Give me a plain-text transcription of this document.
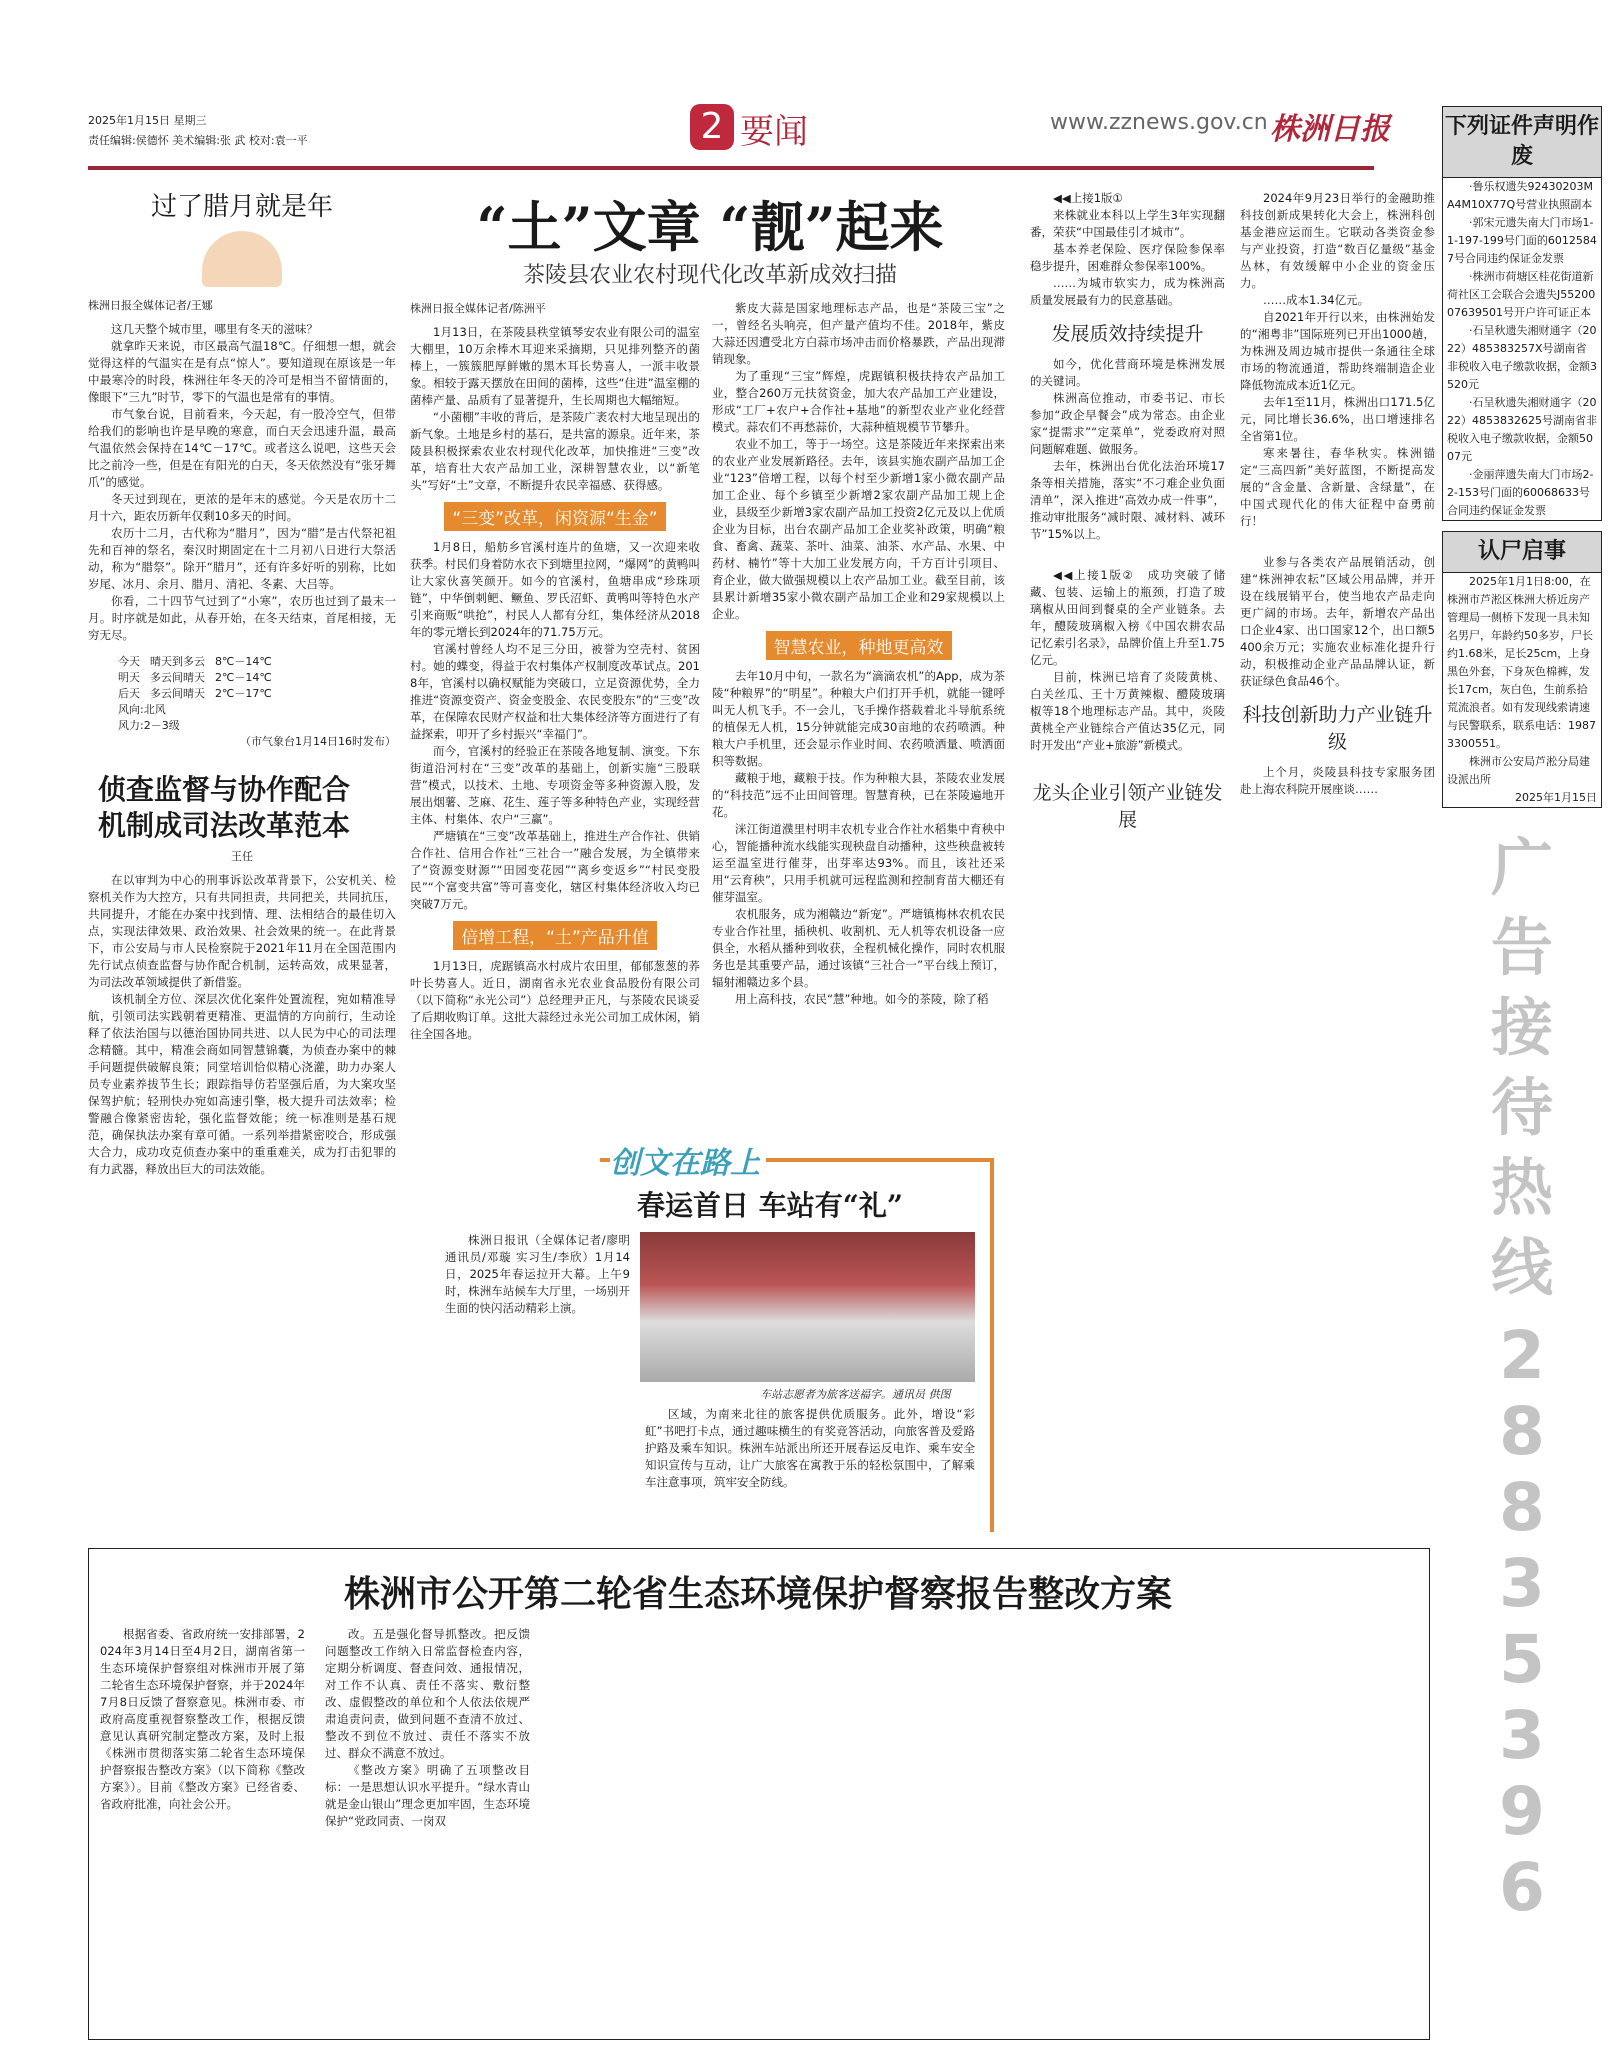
2025年1月15日 星期三
责任编辑:侯德怀 美术编辑:张 武 校对:袁一平	2 要闻	www.zznews.gov.cn 株洲日报
过了腊月就是年
株洲日报全媒体记者/王娜

这几天整个城市里，哪里有冬天的滋味？

就拿昨天来说，市区最高气温18℃。仔细想一想，就会觉得这样的气温实在是有点“惊人”。要知道现在原该是一年中最寒冷的时段，株洲往年冬天的冷可是相当不留情面的，像眼下“三九”时节，零下的气温也是常有的事情。

市气象台说，目前看来，今天起，有一股冷空气，但带给我们的影响也许是早晚的寒意，而白天会迅速升温，最高气温依然会保持在14℃－17℃。或者这么说吧，这些天会比之前冷一些，但是在有阳光的白天，冬天依然没有“张牙舞爪”的感觉。

冬天过到现在，更浓的是年末的感觉。今天是农历十二月十六，距农历新年仅剩10多天的时间。

农历十二月，古代称为“腊月”，因为“腊”是古代祭祀祖先和百神的祭名，秦汉时期固定在十二月初八日进行大祭活动，称为“腊祭”。除开“腊月”，还有许多好听的别称，比如岁尾、冰月、余月、腊月、清祀、冬素、大吕等。

你看，二十四节气过到了“小寒”，农历也过到了最末一月。时序就是如此，从春开始，在冬天结束，首尾相接，无穷无尽。

今天 晴天到多云 8℃－14℃
明天 多云间晴天 2℃－14℃
后天 多云间晴天 2℃－17℃
风向:北风
风力:2－3级
（市气象台1月14日16时发布）
侦查监督与协作配合
机制成司法改革范本
王任

在以审判为中心的刑事诉讼改革背景下，公安机关、检察机关作为大控方，只有共同担责，共同把关，共同抗压，共同提升，才能在办案中找到情、理、法相结合的最佳切入点，实现法律效果、政治效果、社会效果的统一。在此背景下，市公安局与市人民检察院于2021年11月在全国范围内先行试点侦查监督与协作配合机制，运转高效，成果显著，为司法改革领域提供了新借鉴。

该机制全方位、深层次优化案件处置流程，宛如精准导航，引领司法实践朝着更精准、更温情的方向前行，生动诠释了依法治国与以德治国协同共进、以人民为中心的司法理念精髓。其中，精准会商如同智慧锦囊，为侦查办案中的棘手问题提供破解良策；同堂培训恰似精心浇灌，助力办案人员专业素养拔节生长；跟踪指导仿若坚强后盾，为大案攻坚保驾护航；轻刑快办宛如高速引擎，极大提升司法效率；检警融合像紧密齿轮，强化监督效能；统一标准则是基石规范，确保执法办案有章可循。一系列举措紧密咬合，形成强大合力，成功攻克侦查办案中的重重难关，成为打击犯罪的有力武器，释放出巨大的司法效能。

“土”文章 “靓”起来
茶陵县农业农村现代化改革新成效扫描
株洲日报全媒体记者/陈洲平

1月13日，在茶陵县秩堂镇琴安农业有限公司的温室大棚里，10万余棒木耳迎来采摘期，只见排列整齐的菌棒上，一簇簇肥厚鲜嫩的黑木耳长势喜人，一派丰收景象。相较于露天摆放在田间的菌棒，这些“住进”温室棚的菌棒产量、品质有了显著提升，生长周期也大幅缩短。

“小菌棚”丰收的背后，是茶陵广袤农村大地呈现出的新气象。土地是乡村的基石，是共富的源泉。近年来，茶陵县积极探索农业农村现代化改革，加快推进“三变”改革，培育壮大农产品加工业，深耕智慧农业，以“新笔头”写好“土”文章，不断提升农民幸福感、获得感。

“三变”改革，闲资源“生金”

1月8日，船舫乡官溪村连片的鱼塘，又一次迎来收获季。村民们身着防水衣下到塘里拉网，“爆网”的黄鸭叫让大家伙喜笑颜开。如今的官溪村，鱼塘串成“珍珠项链”，中华倒刺鲃、鳜鱼、罗氏沼虾、黄鸭叫等特色水产引来商贩“哄抢”，村民人人都有分红，集体经济从2018年的零元增长到2024年的71.75万元。

官溪村曾经人均不足三分田，被誉为空壳村、贫困村。她的蝶变，得益于农村集体产权制度改革试点。2018年，官溪村以确权赋能为突破口，立足资源优势，全力推进“资源变资产、资金变股金、农民变股东”的“三变”改革，在保障农民财产权益和壮大集体经济等方面进行了有益探索，叩开了乡村振兴“幸福门”。

而今，官溪村的经验正在茶陵各地复制、演变。下东街道沿河村在“三变”改革的基础上，创新实施“三股联营”模式，以技术、土地、专项资金等多种资源入股，发展出烟薯、芝麻、花生、莲子等多种特色产业，实现经营主体、村集体、农户“三赢”。

严塘镇在“三变”改革基础上，推进生产合作社、供销合作社、信用合作社“三社合一”融合发展，为全镇带来了“资源变财源”“田园变花园”“离乡变返乡”“村民变股民”“个富变共富”等可喜变化，辖区村集体经济收入均已突破7万元。

倍增工程，“土”产品升值

1月13日，虎踞镇高水村成片农田里，郁郁葱葱的荞叶长势喜人。近日，湖南省永光农业食品股份有限公司（以下简称“永光公司”）总经理尹正凡，与茶陵农民谈妥了后期收购订单。这批大蒜经过永光公司加工成休闲，销往全国各地。

紫皮大蒜是国家地理标志产品，也是“茶陵三宝”之一，曾经名头响亮，但产量产值均不佳。2018年，紫皮大蒜还因遭受北方白蒜市场冲击而价格暴跌，产品出现滞销现象。

为了重现“三宝”辉煌，虎踞镇积极扶持农产品加工业，整合260万元扶贫资金，加大农产品加工产业建设，形成“工厂+农户+合作社+基地”的新型农业产业化经营模式。蒜农们不再愁蒜价，大蒜种植规模节节攀升。

农业不加工，等于一场空。这是茶陵近年来探索出来的农业产业发展新路径。去年，该县实施农副产品加工企业“123”倍增工程，以每个村至少新增1家小微农副产品加工企业、每个乡镇至少新增2家农副产品加工规上企业，县级至少新增3家农副产品加工投资2亿元及以上优质企业为目标，出台农副产品加工企业奖补政策，明确“粮食、畜禽、蔬菜、茶叶、油菜、油茶、水产品、水果、中药材、楠竹”等十大加工业发展方向，千方百计引项目、育企业，做大做强规模以上农产品加工业。截至目前，该县累计新增35家小微农副产品加工企业和29家规模以上企业。

智慧农业，种地更高效

去年10月中旬，一款名为“滴滴农机”的App，成为茶陵“种粮界”的“明星”。种粮大户们打开手机，就能一键呼叫无人机飞手。不一会儿，飞手操作搭载着北斗导航系统的植保无人机，15分钟就能完成30亩地的农药喷洒。种粮大户手机里，还会显示作业时间、农药喷洒量、喷洒面积等数据。

藏粮于地，藏粮于技。作为种粮大县，茶陵农业发展的“科技范”远不止田间管理。智慧育秧，已在茶陵遍地开花。

洣江街道濮里村明丰农机专业合作社水稻集中育秧中心，智能播种流水线能实现秧盘自动播种，这些秧盘被转运至温室进行催芽，出芽率达93%。而且，该社还采用“云育秧”，只用手机就可远程监测和控制育苗大棚还有催芽温室。

农机服务，成为湘赣边“新宠”。严塘镇梅林农机农民专业合作社里，插秧机、收割机、无人机等农机设备一应俱全，水稻从播种到收获，全程机械化操作，同时农机服务也是其重要产品，通过该镇“三社合一”平台线上预订，辐射湘赣边多个县。

用上高科技，农民“慧”种地。如今的茶陵，除了稻

创文在路上
春运首日 车站有“礼”

株洲日报讯（全媒体记者/廖明 通讯员/邓璇 实习生/李欣）1月14日，2025年春运拉开大幕。上午9时，株洲车站候车大厅里，一场别开生面的快闪活动精彩上演。

车站志愿者为旅客送福字。通讯员 供图

区域，为南来北往的旅客提供优质服务。此外，增设“彩虹”书吧打卡点，通过趣味横生的有奖竞答活动，向旅客普及爱路护路及乘车知识。株洲车站派出所还开展春运反电诈、乘车安全知识宣传与互动，让广大旅客在寓教于乐的轻松氛围中，了解乘车注意事项，筑牢安全防线。

◀◀上接1版①

来株就业本科以上学生3年实现翻番，荣获“中国最佳引才城市”。

基本养老保险、医疗保险参保率稳步提升，困难群众参保率100%。

……为城市软实力，成为株洲高质量发展最有力的民意基础。

发展质效持续提升

如今，优化营商环境是株洲发展的关键词。

株洲高位推动，市委书记、市长参加“政企早餐会”成为常态。由企业家“提需求”“定菜单”，党委政府对照问题解难题、做服务。

去年，株洲出台优化法治环境17条等相关措施，落实“不刁难企业负面清单”，深入推进“高效办成一件事”，推动审批服务“减时限、减材料、减环节”15%以上。

◀◀上接1版②　成功突破了储藏、包装、运输上的瓶颈，打造了玻璃椒从田间到餐桌的全产业链条。去年，醴陵玻璃椒入榜《中国农耕农品记忆索引名录》，品牌价值上升至1.75亿元。

目前，株洲已培育了炎陵黄桃、白关丝瓜、王十万黄辣椒、醴陵玻璃椒等18个地理标志产品。其中，炎陵黄桃全产业链综合产值达35亿元，同时开发出“产业+旅游”新模式。

龙头企业引领产业链发展

2024年9月23日举行的金融助推科技创新成果转化大会上，株洲科创基金港应运而生。它联动各类资金参与产业投资，打造“数百亿量级”基金丛林，有效缓解中小企业的资金压力。

……成本1.34亿元。

自2021年开行以来，由株洲始发的“湘粤非”国际班列已开出1000趟，为株洲及周边城市提供一条通往全球市场的物流通道，帮助终端制造企业降低物流成本近1亿元。

去年1至11月，株洲出口171.5亿元，同比增长36.6%，出口增速排名全省第1位。

寒来暑往，春华秋实。株洲锚定“三高四新”美好蓝图，不断提高发展的“含金量、含新量、含绿量”，在中国式现代化的伟大征程中奋勇前行！

业参与各类农产品展销活动，创建“株洲神农耘”区域公用品牌，并开设在线展销平台，使当地农产品走向更广阔的市场。去年，新增农产品出口企业4家、出口国家12个，出口额5400余万元；实施农业标准化提升行动，积极推动企业产品品牌认证，新获证绿色食品46个。

科技创新助力产业链升级

上个月，炎陵县科技专家服务团赴上海农科院开展座谈……

下列证件声明作废

·鲁乐权遗失92430203MA4M10X77Q号营业执照副本

·郭宋元遗失南大门市场1-1-197-199号门面的60125847号合同违约保证金发票

·株洲市荷塘区桂花街道新荷社区工会联合会遗失J5520007639501号开户许可证正本

·石呈秋遗失湘财通字（2022）485383257X号湖南省非税收入电子缴款收据，金额3520元

·石呈秋遗失湘财通字（2022）4853832625号湖南省非税收入电子缴款收据，金额5007元

·金丽萍遗失南大门市场2-2-153号门面的60068633号合同违约保证金发票

认尸启事

2025年1月1日8:00，在株洲市芦淞区株洲大桥近房产管理局一侧桥下发现一具未知名男尸，年龄约50多岁，尸长约1.68米，足长25cm，上身黑色外套，下身灰色棉裤，发长17cm，灰白色，生前系拾荒流浪者。如有发现线索请速与民警联系，联系电话：19873300551。

株洲市公安局芦淞分局建设派出所

2025年1月15日

广告接待热线
28835396
株洲市公开第二轮省生态环境保护督察报告整改方案

根据省委、省政府统一安排部署，2024年3月14日至4月2日，湖南省第一生态环境保护督察组对株洲市开展了第二轮省生态环境保护督察，并于2024年7月8日反馈了督察意见。株洲市委、市政府高度重视督察整改工作，根据反馈意见认真研究制定整改方案，及时上报《株洲市贯彻落实第二轮省生态环境保护督察报告整改方案》（以下简称《整改方案》）。目前《整改方案》已经省委、省政府批准，向社会公开。

改。五是强化督导抓整改。把反馈问题整改工作纳入日常监督检查内容，定期分析调度、督查问效、通报情况，对工作不认真、责任不落实、敷衍整改、虚假整改的单位和个人依法依规严肃追责问责，做到问题不查清不放过、整改不到位不放过、责任不落实不放过、群众不满意不放过。

《整改方案》明确了五项整改目标：一是思想认识水平提升。“绿水青山就是金山银山”理念更加牢固，生态环境保护“党政同责、一岗双
